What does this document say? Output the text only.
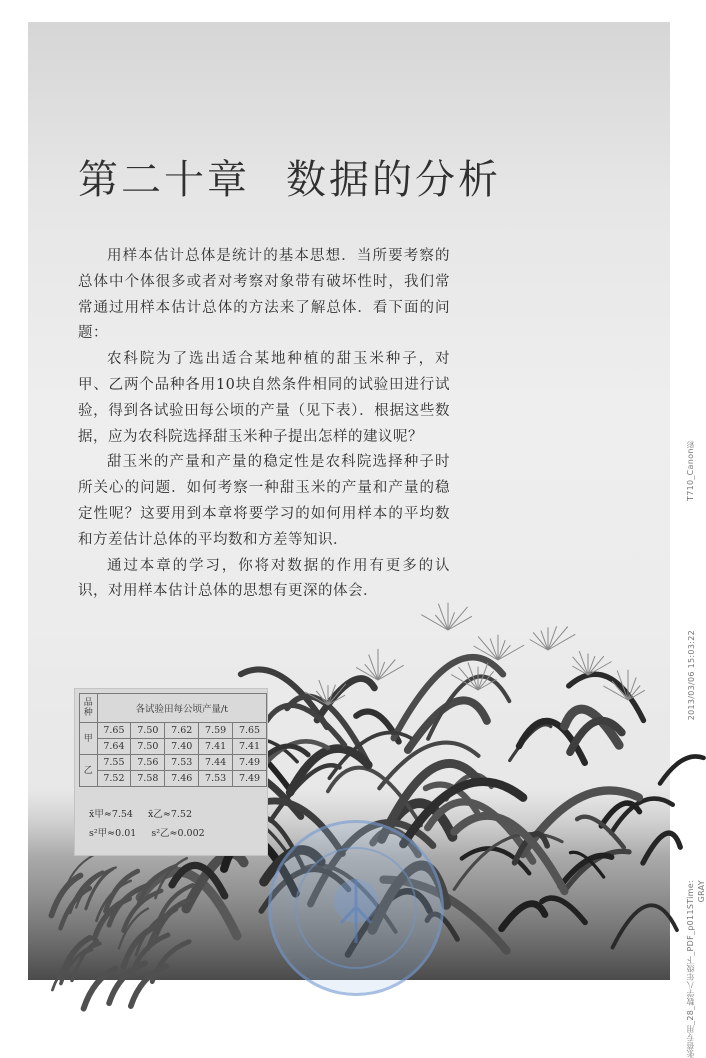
第二十章 数据的分析

用样本估计总体是统计的基本思想．当所要考察的总体中个体很多或者对考察对象带有破坏性时，我们常常通过用样本估计总体的方法来了解总体．看下面的问题：

农科院为了选出适合某地种植的甜玉米种子，对甲、乙两个品种各用10块自然条件相同的试验田进行试验，得到各试验田每公顷的产量（见下表）．根据这些数据，应为农科院选择甜玉米种子提出怎样的建议呢？

甜玉米的产量和产量的稳定性是农科院选择种子时所关心的问题．如何考察一种甜玉米的产量和产量的稳定性呢？这要用到本章将要学习的如何用样本的平均数和方差估计总体的平均数和方差等知识．

通过本章的学习，你将对数据的作用有更多的认识，对用样本估计总体的思想有更深的体会．

品种	各试验田每公顷产量/t				
甲	7.65	7.50	7.62	7.59	7.65
	7.64	7.50	7.40	7.41	7.41
乙	7.55	7.56	7.53	7.44	7.49
	7.52	7.58	7.46	7.53	7.49
x̄甲≈7.54 x̄乙≈7.52
s²甲≈0.01 s²乙≈0.002
T710_Canon彩
2013/03/06 15:03:22
张蓓专用_28_数学八年级下_PDF_p011STime: GRAY
